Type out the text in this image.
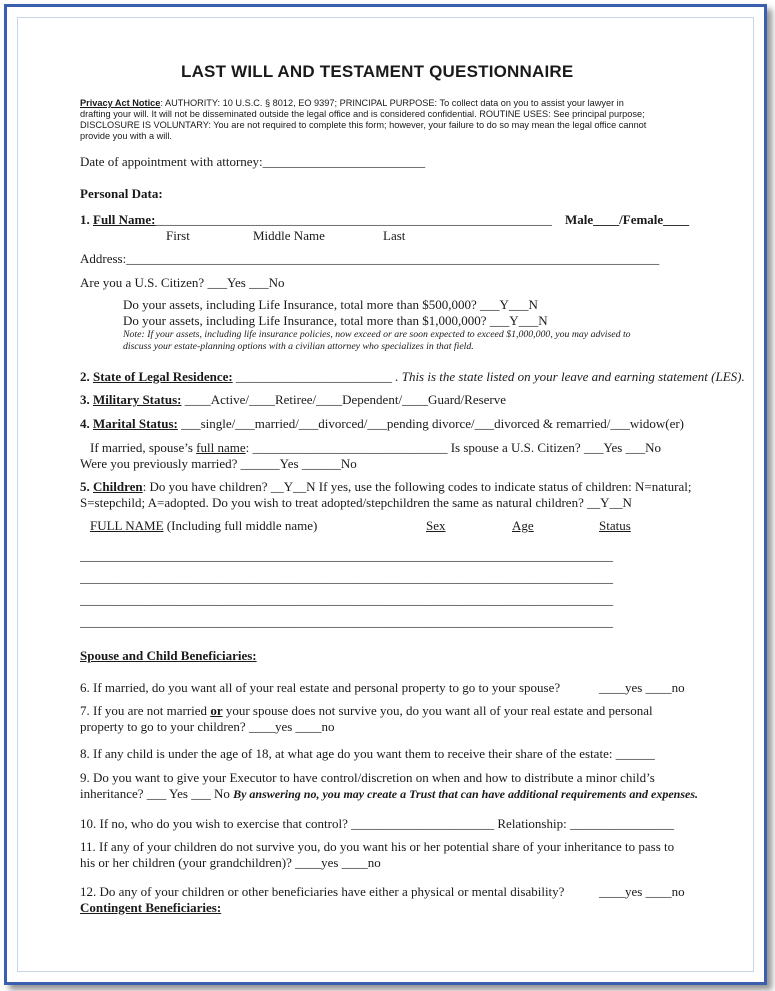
LAST WILL AND TESTAMENT QUESTIONNAIRE
Privacy Act Notice: AUTHORITY: 10 U.S.C. § 8012, EO 9397; PRINCIPAL PURPOSE: To collect data on you to assist your lawyer in
drafting your will. It will not be disseminated outside the legal office and is considered confidential. ROUTINE USES: See principal purpose;
DISCLOSURE IS VOLUNTARY: You are not required to complete this form; however, your failure to do so may mean the legal office cannot
provide you with a will.
Date of appointment with attorney:_________________________
Personal Data:
1. Full Name:_____________________________________________________________ Male____/Female____
First	Middle Name	Last
Address:__________________________________________________________________________________
Are you a U.S. Citizen? ___Yes ___No
Do your assets, including Life Insurance, total more than $500,000? ___Y___N
Do your assets, including Life Insurance, total more than $1,000,000? ___Y___N
Note: If your assets, including life insurance policies, now exceed or are soon expected to exceed $1,000,000, you may advised to
discuss your estate-planning options with a civilian attorney who specializes in that field.
2. State of Legal Residence: ________________________ . This is the state listed on your leave and earning statement (LES).
3. Military Status: ____Active/____Retiree/____Dependent/____Guard/Reserve
4. Marital Status: ___single/___married/___divorced/___pending divorce/___divorced & remarried/___widow(er)
If married, spouse’s full name: ______________________________ Is spouse a U.S. Citizen? ___Yes ___No
Were you previously married? ______Yes ______No
5. Children: Do you have children? __Y__N If yes, use the following codes to indicate status of children: N=natural;
S=stepchild; A=adopted. Do you wish to treat adopted/stepchildren the same as natural children? __Y__N
FULL NAME (Including full middle name)	Sex	Age	Status
__________________________________________________________________________________
__________________________________________________________________________________
__________________________________________________________________________________
__________________________________________________________________________________
Spouse and Child Beneficiaries:
6. If married, do you want all of your real estate and personal property to go to your spouse?	____yes ____no
7. If you are not married or your spouse does not survive you, do you want all of your real estate and personal
property to go to your children? ____yes ____no
8. If any child is under the age of 18, at what age do you want them to receive their share of the estate: ______
9. Do you want to give your Executor to have control/discretion on when and how to distribute a minor child’s
inheritance? ___ Yes ___ No By answering no, you may create a Trust that can have additional requirements and expenses.
10. If no, who do you wish to exercise that control? ______________________ Relationship: ________________
11. If any of your children do not survive you, do you want his or her potential share of your inheritance to pass to
his or her children (your grandchildren)? ____yes ____no
12. Do any of your children or other beneficiaries have either a physical or mental disability?	____yes ____no
Contingent Beneficiaries:
